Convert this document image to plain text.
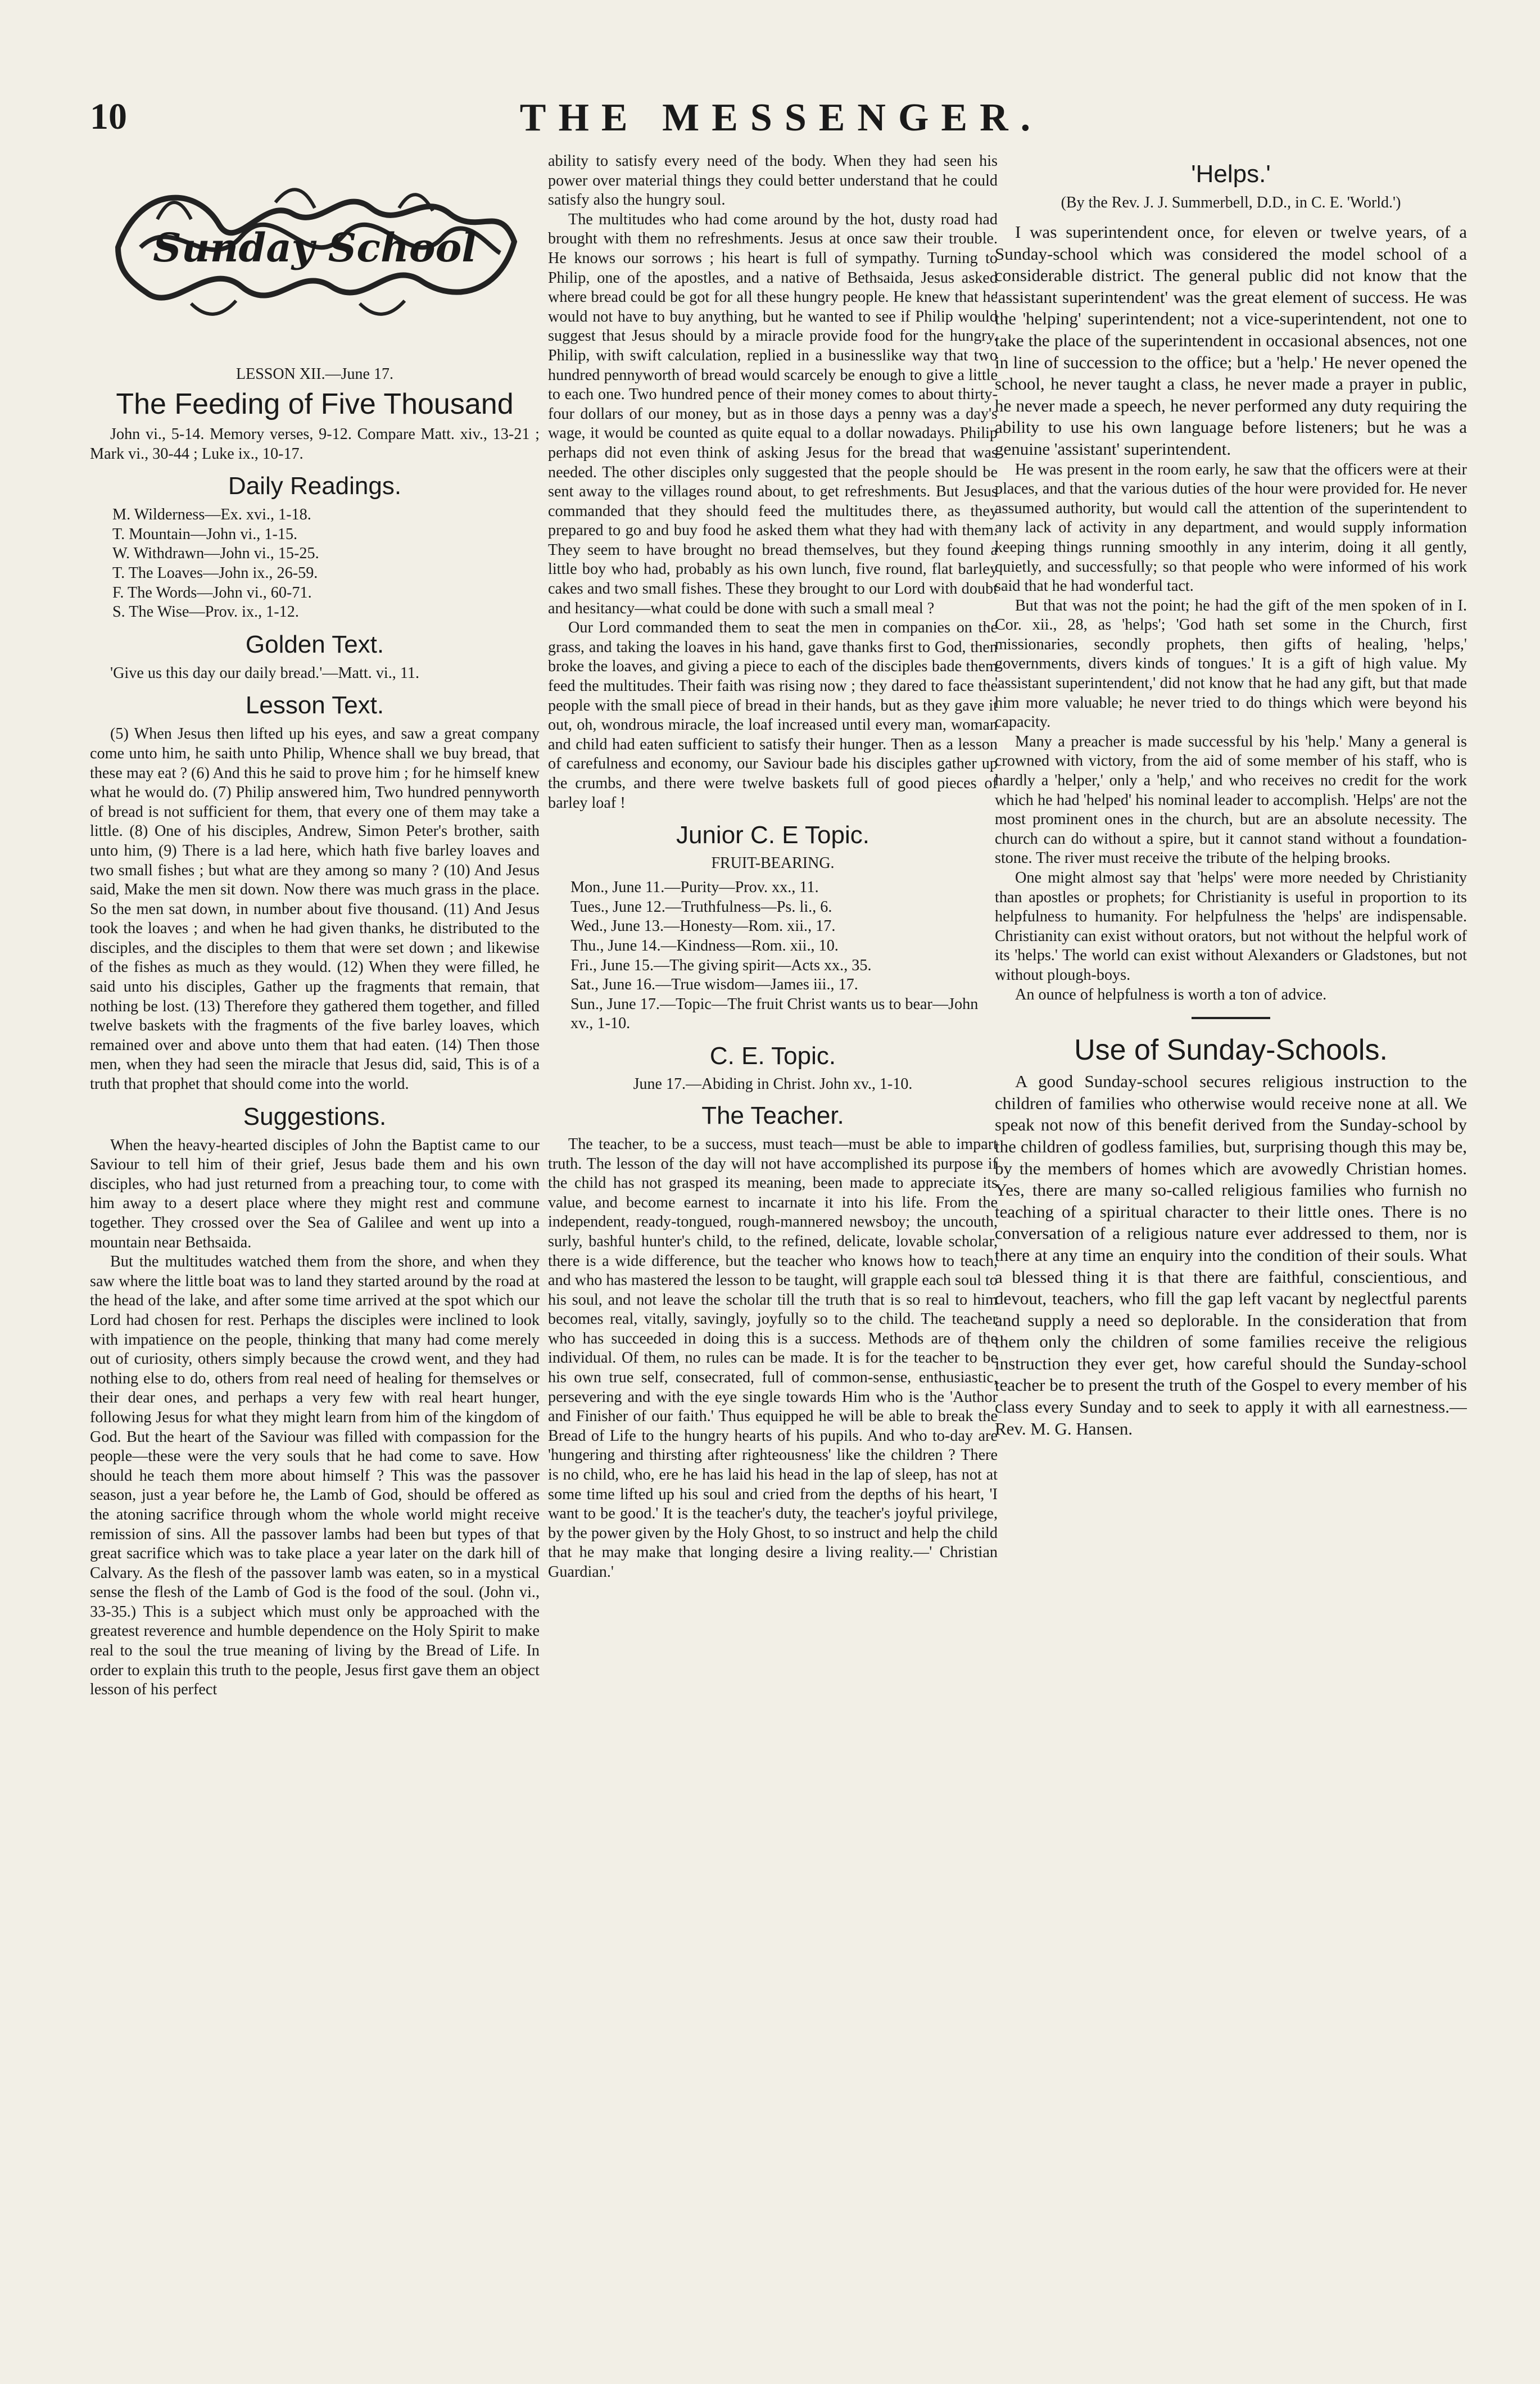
10	THE MESSENGER.
Sunday School
LESSON XII.—June 17.
The Feeding of Five Thousand

John vi., 5-14. Memory verses, 9-12. Compare Matt. xiv., 13-21 ; Mark vi., 30-44 ; Luke ix., 10-17.

Daily Readings.
M. Wilderness—Ex. xvi., 1-18.
T. Mountain—John vi., 1-15.
W. Withdrawn—John vi., 15-25.
T. The Loaves—John ix., 26-59.
F. The Words—John vi., 60-71.
S. The Wise—Prov. ix., 1-12.
Golden Text.

'Give us this day our daily bread.'—Matt. vi., 11.

Lesson Text.

(5) When Jesus then lifted up his eyes, and saw a great company come unto him, he saith unto Philip, Whence shall we buy bread, that these may eat ? (6) And this he said to prove him ; for he himself knew what he would do. (7) Philip answered him, Two hundred pennyworth of bread is not sufficient for them, that every one of them may take a little. (8) One of his disciples, Andrew, Simon Peter's brother, saith unto him, (9) There is a lad here, which hath five barley loaves and two small fishes ; but what are they among so many ? (10) And Jesus said, Make the men sit down. Now there was much grass in the place. So the men sat down, in number about five thousand. (11) And Jesus took the loaves ; and when he had given thanks, he distributed to the disciples, and the disciples to them that were set down ; and likewise of the fishes as much as they would. (12) When they were filled, he said unto his disciples, Gather up the fragments that remain, that nothing be lost. (13) Therefore they gathered them together, and filled twelve baskets with the fragments of the five barley loaves, which remained over and above unto them that had eaten. (14) Then those men, when they had seen the miracle that Jesus did, said, This is of a truth that prophet that should come into the world.

Suggestions.

When the heavy-hearted disciples of John the Baptist came to our Saviour to tell him of their grief, Jesus bade them and his own disciples, who had just returned from a preaching tour, to come with him away to a desert place where they might rest and commune together. They crossed over the Sea of Galilee and went up into a mountain near Bethsaida.

But the multitudes watched them from the shore, and when they saw where the little boat was to land they started around by the road at the head of the lake, and after some time arrived at the spot which our Lord had chosen for rest. Perhaps the disciples were inclined to look with impatience on the people, thinking that many had come merely out of curiosity, others simply because the crowd went, and they had nothing else to do, others from real need of healing for themselves or their dear ones, and perhaps a very few with real heart hunger, following Jesus for what they might learn from him of the kingdom of God. But the heart of the Saviour was filled with compassion for the people—these were the very souls that he had come to save. How should he teach them more about himself ? This was the passover season, just a year before he, the Lamb of God, should be offered as the atoning sacrifice through whom the whole world might receive remission of sins. All the passover lambs had been but types of that great sacrifice which was to take place a year later on the dark hill of Calvary. As the flesh of the passover lamb was eaten, so in a mystical sense the flesh of the Lamb of God is the food of the soul. (John vi., 33-35.) This is a subject which must only be approached with the greatest reverence and humble dependence on the Holy Spirit to make real to the soul the true meaning of living by the Bread of Life. In order to explain this truth to the people, Jesus first gave them an object lesson of his perfect

ability to satisfy every need of the body. When they had seen his power over material things they could better understand that he could satisfy also the hungry soul.

The multitudes who had come around by the hot, dusty road had brought with them no refreshments. Jesus at once saw their trouble. He knows our sorrows ; his heart is full of sympathy. Turning to Philip, one of the apostles, and a native of Bethsaida, Jesus asked where bread could be got for all these hungry people. He knew that he would not have to buy anything, but he wanted to see if Philip would suggest that Jesus should by a miracle provide food for the hungry. Philip, with swift calculation, replied in a businesslike way that two hundred pennyworth of bread would scarcely be enough to give a little to each one. Two hundred pence of their money comes to about thirty-four dollars of our money, but as in those days a penny was a day's wage, it would be counted as quite equal to a dollar nowadays. Philip perhaps did not even think of asking Jesus for the bread that was needed. The other disciples only suggested that the people should be sent away to the villages round about, to get refreshments. But Jesus commanded that they should feed the multitudes there, as they prepared to go and buy food he asked them what they had with them. They seem to have brought no bread themselves, but they found a little boy who had, probably as his own lunch, five round, flat barley cakes and two small fishes. These they brought to our Lord with doubt and hesitancy—what could be done with such a small meal ?

Our Lord commanded them to seat the men in companies on the grass, and taking the loaves in his hand, gave thanks first to God, then broke the loaves, and giving a piece to each of the disciples bade them feed the multitudes. Their faith was rising now ; they dared to face the people with the small piece of bread in their hands, but as they gave it out, oh, wondrous miracle, the loaf increased until every man, woman and child had eaten sufficient to satisfy their hunger. Then as a lesson of carefulness and economy, our Saviour bade his disciples gather up the crumbs, and there were twelve baskets full of good pieces of barley loaf !

Junior C. E Topic.
FRUIT-BEARING.
Mon., June 11.—Purity—Prov. xx., 11.
Tues., June 12.—Truthfulness—Ps. li., 6.
Wed., June 13.—Honesty—Rom. xii., 17.
Thu., June 14.—Kindness—Rom. xii., 10.
Fri., June 15.—The giving spirit—Acts xx., 35.
Sat., June 16.—True wisdom—James iii., 17.
Sun., June 17.—Topic—The fruit Christ wants us to bear—John xv., 1-10.
C. E. Topic.
June 17.—Abiding in Christ. John xv., 1-10.
The Teacher.

The teacher, to be a success, must teach—must be able to impart truth. The lesson of the day will not have accomplished its purpose if the child has not grasped its meaning, been made to appreciate its value, and become earnest to incarnate it into his life. From the independent, ready-tongued, rough-mannered newsboy; the uncouth, surly, bashful hunter's child, to the refined, delicate, lovable scholar, there is a wide difference, but the teacher who knows how to teach, and who has mastered the lesson to be taught, will grapple each soul to his soul, and not leave the scholar till the truth that is so real to him becomes real, vitally, savingly, joyfully so to the child. The teacher who has succeeded in doing this is a success. Methods are of the individual. Of them, no rules can be made. It is for the teacher to be his own true self, consecrated, full of common-sense, enthusiastic, persevering and with the eye single towards Him who is the 'Author and Finisher of our faith.' Thus equipped he will be able to break the Bread of Life to the hungry hearts of his pupils. And who to-day are 'hungering and thirsting after righteousness' like the children ? There is no child, who, ere he has laid his head in the lap of sleep, has not at some time lifted up his soul and cried from the depths of his heart, 'I want to be good.' It is the teacher's duty, the teacher's joyful privilege, by the power given by the Holy Ghost, to so instruct and help the child that he may make that longing desire a living reality.—' Christian Guardian.'

'Helps.'
(By the Rev. J. J. Summerbell, D.D., in C. E. 'World.')

I was superintendent once, for eleven or twelve years, of a Sunday-school which was considered the model school of a considerable district. The general public did not know that the 'assistant superintendent' was the great element of success. He was the 'helping' superintendent; not a vice-superintendent, not one to take the place of the superintendent in occasional absences, not one in line of succession to the office; but a 'help.' He never opened the school, he never taught a class, he never made a prayer in public, he never made a speech, he never performed any duty requiring the ability to use his own language before listeners; but he was a genuine 'assistant' superintendent.

He was present in the room early, he saw that the officers were at their places, and that the various duties of the hour were provided for. He never assumed authority, but would call the attention of the superintendent to any lack of activity in any department, and would supply information keeping things running smoothly in any interim, doing it all gently, quietly, and successfully; so that people who were informed of his work said that he had wonderful tact.

But that was not the point; he had the gift of the men spoken of in I. Cor. xii., 28, as 'helps'; 'God hath set some in the Church, first missionaries, secondly prophets, then gifts of healing, 'helps,' governments, divers kinds of tongues.' It is a gift of high value. My 'assistant superintendent,' did not know that he had any gift, but that made him more valuable; he never tried to do things which were beyond his capacity.

Many a preacher is made successful by his 'help.' Many a general is crowned with victory, from the aid of some member of his staff, who is hardly a 'helper,' only a 'help,' and who receives no credit for the work which he had 'helped' his nominal leader to accomplish. 'Helps' are not the most prominent ones in the church, but are an absolute necessity. The church can do without a spire, but it cannot stand without a foundation-stone. The river must receive the tribute of the helping brooks.

One might almost say that 'helps' were more needed by Christianity than apostles or prophets; for Christianity is useful in proportion to its helpfulness to humanity. For helpfulness the 'helps' are indispensable. Christianity can exist without orators, but not without the helpful work of its 'helps.' The world can exist without Alexanders or Gladstones, but not without plough-boys.

An ounce of helpfulness is worth a ton of advice.

Use of Sunday-Schools.

A good Sunday-school secures religious instruction to the children of families who otherwise would receive none at all. We speak not now of this benefit derived from the Sunday-school by the children of godless families, but, surprising though this may be, by the members of homes which are avowedly Christian homes. Yes, there are many so-called religious families who furnish no teaching of a spiritual character to their little ones. There is no conversation of a religious nature ever addressed to them, nor is there at any time an enquiry into the condition of their souls. What a blessed thing it is that there are faithful, conscientious, and devout, teachers, who fill the gap left vacant by neglectful parents and supply a need so deplorable. In the consideration that from them only the children of some families receive the religious instruction they ever get, how careful should the Sunday-school teacher be to present the truth of the Gospel to every member of his class every Sunday and to seek to apply it with all earnestness.—Rev. M. G. Hansen.
